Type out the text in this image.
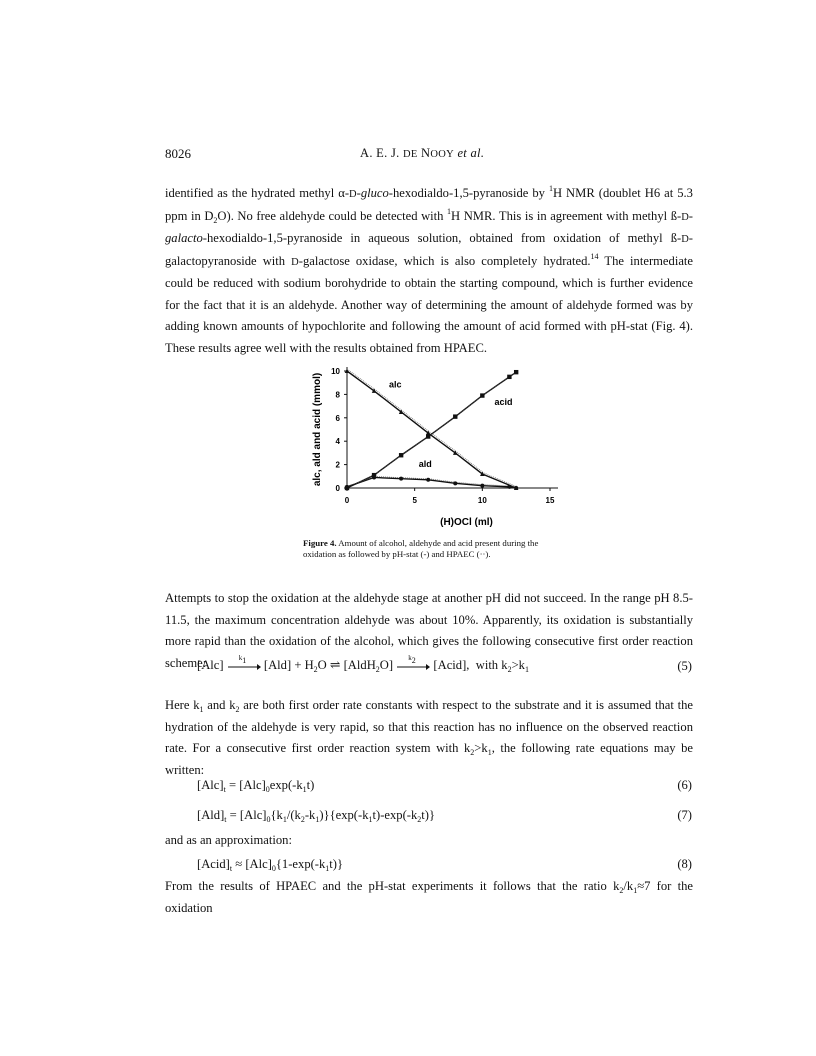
8026	A. E. J. DE NOOY et al.
identified as the hydrated methyl α-D-gluco-hexodialdo-1,5-pyranoside by $^1$H NMR (doublet H6 at 5.3 ppm in $D_2O$). No free aldehyde could be detected with $^1$H NMR. This is in agreement with methyl ß-D-galacto-hexodialdo-1,5-pyranoside in aqueous solution, obtained from oxidation of methyl ß-D-galactopyranoside with D-galactose oxidase, which is also completely hydrated.$^{14}$ The intermediate could be reduced with sodium borohydride to obtain the starting compound, which is further evidence for the fact that it is an aldehyde. Another way of determining the amount of aldehyde formed was by adding known amounts of hypochlorite and following the amount of acid formed with pH-stat (Fig. 4). These results agree well with the results obtained from HPAEC.
0	5	10	15
0
2
4
6
8
10
(H)OCl (ml)
alc, ald and acid (mmol)	alc
acid
ald
Figure 4. Amount of alcohol, aldehyde and acid present during the oxidation as followed by pH-stat (-) and HPAEC (··).
Attempts to stop the oxidation at the aldehyde stage at another pH did not succeed. In the range pH 8.5-11.5, the maximum concentration aldehyde was about 10%. Apparently, its oxidation is substantially more rapid than the oxidation of the alcohol, which gives the following consecutive first order reaction scheme:
[Alc] $k_1$ $[Ald] + H_2O$ ⇌ [AldH$_2$O] $k_2$ [Acid],  with $k_2>k_1$	(5)
Here $k_1$ and $k_2$ are both first order rate constants with respect to the substrate and it is assumed that the hydration of the aldehyde is very rapid, so that this reaction has no influence on the observed reaction rate. For a consecutive first order reaction system with $k_2>k_1$, the following rate equations may be written:
$[Alc]_t = [Alc]_0\exp(-k_1t)$	(6)
$[Ald]_t = [Alc]_0\{k_1/(k_2-k_1)\}\{\exp(-k_1t)-\exp(-k_2t)\}$	(7)
and as an approximation:
$[Acid]_t \approx [Alc]_0\{1-\exp(-k_1t)\}$	(8)
From the results of HPAEC and the pH-stat experiments it follows that the ratio $k_2/k_1\approx 7$ for the oxidation
